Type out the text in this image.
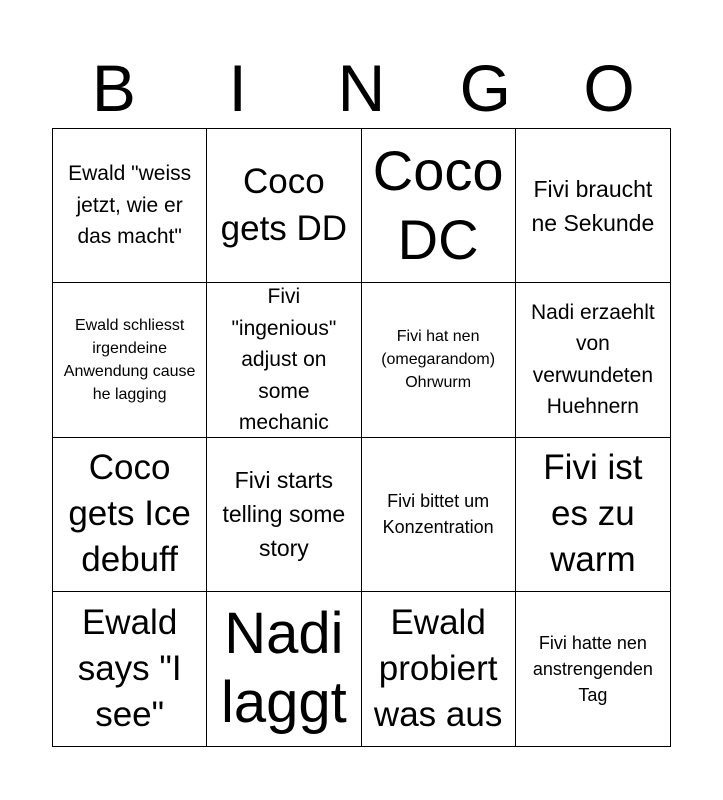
B	I	N	G	O
Ewald "weiss jetzt, wie er das macht"
Coco gets DD
Coco DC
Fivi braucht ne Sekunde
Ewald schliesst irgendeine Anwendung cause he lagging
Fivi "ingenious" adjust on some mechanic
Fivi hat nen (omegarandom) Ohrwurm
Nadi erzaehlt von verwundeten Huehnern
Coco gets Ice debuff
Fivi starts telling some story
Fivi bittet um Konzentration
Fivi ist es zu warm
Ewald says "I see"
Nadi laggt
Ewald probiert was aus
Fivi hatte nen anstrengenden Tag
